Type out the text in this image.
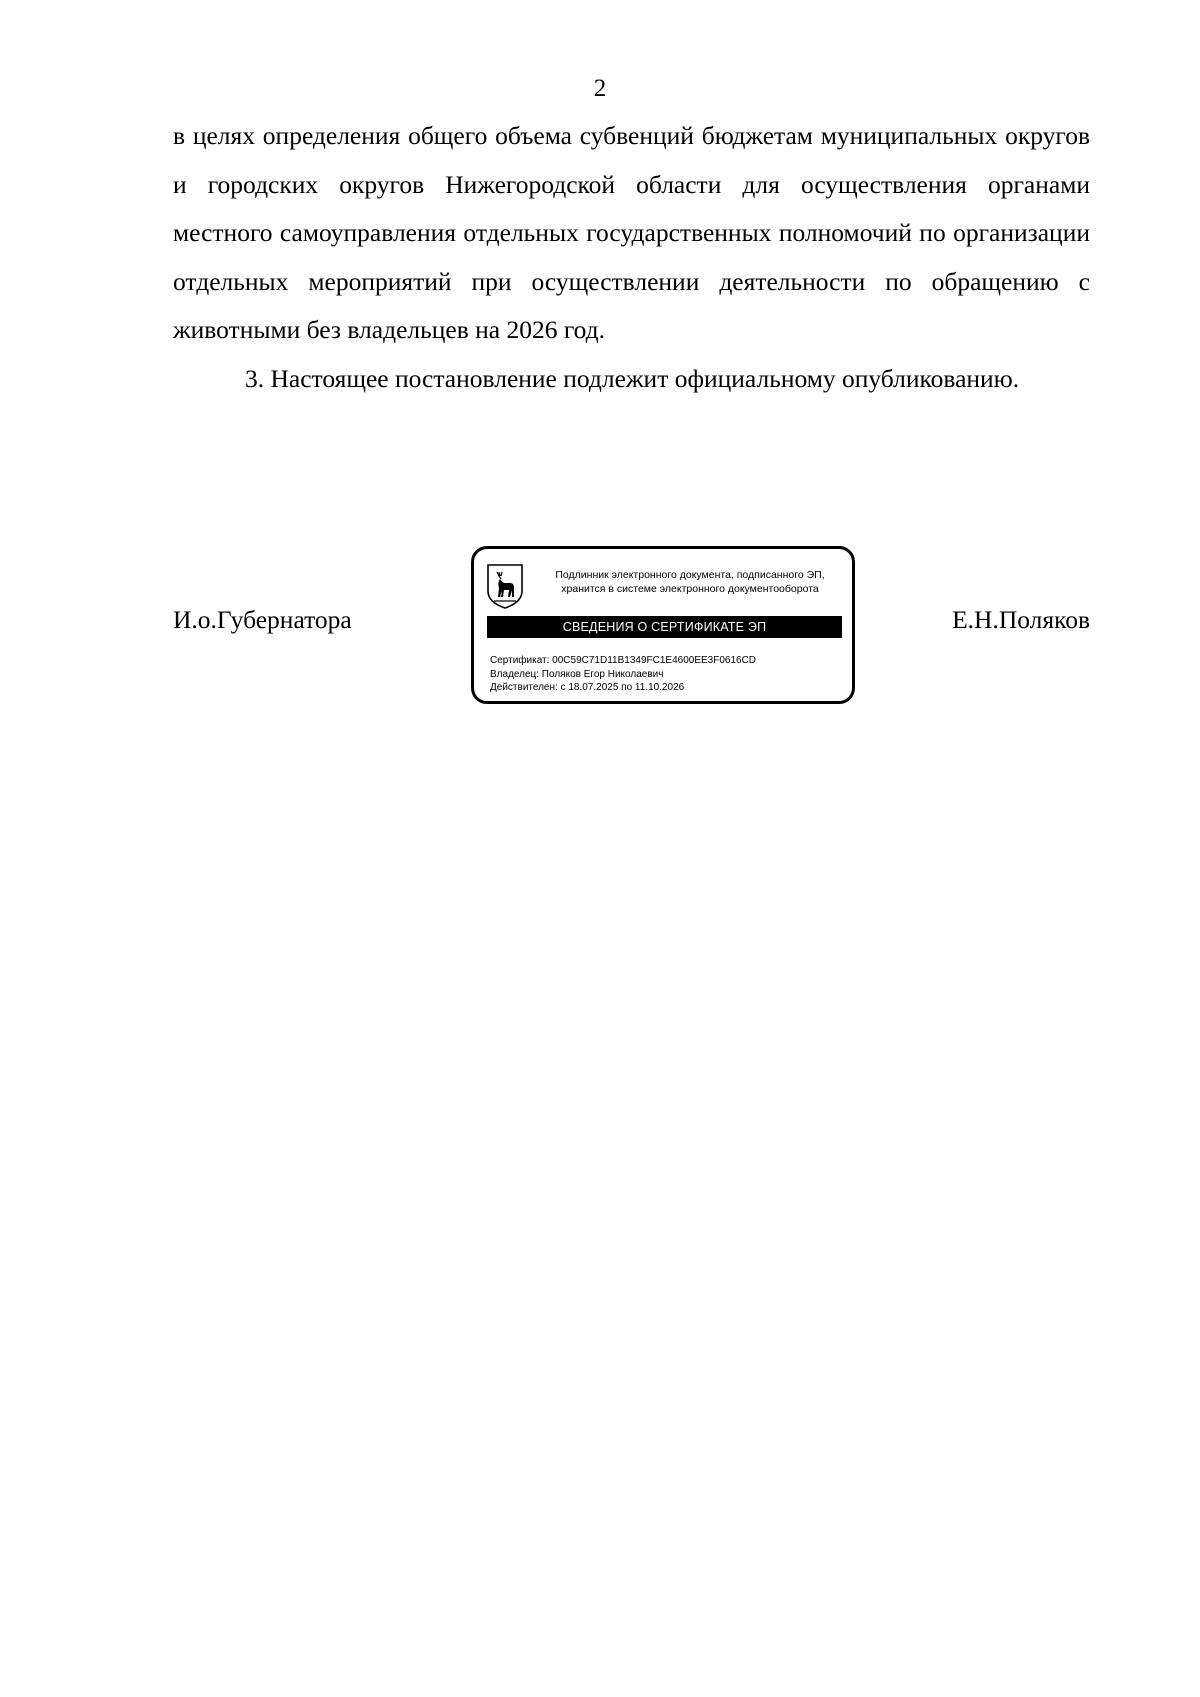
2

в целях определения общего объема субвенций бюджетам муниципальных округов и городских округов Нижегородской области для осуществления органами местного самоуправления отдельных государственных полномочий по организации отдельных мероприятий при осуществлении деятельности по обращению с животными без владельцев на 2026 год.

3. Настоящее постановление подлежит официальному опубликованию.

И.о.Губернатора
Подлинник электронного документа, подписанного ЭП,
хранится в системе электронного документооборота
СВЕДЕНИЯ О СЕРТИФИКАТЕ ЭП
Сертификат: 00C59C71D11B1349FC1E4600EE3F0616CD
Владелец: Поляков Егор Николаевич
Действителен: с 18.07.2025 по 11.10.2026
Е.Н.Поляков
